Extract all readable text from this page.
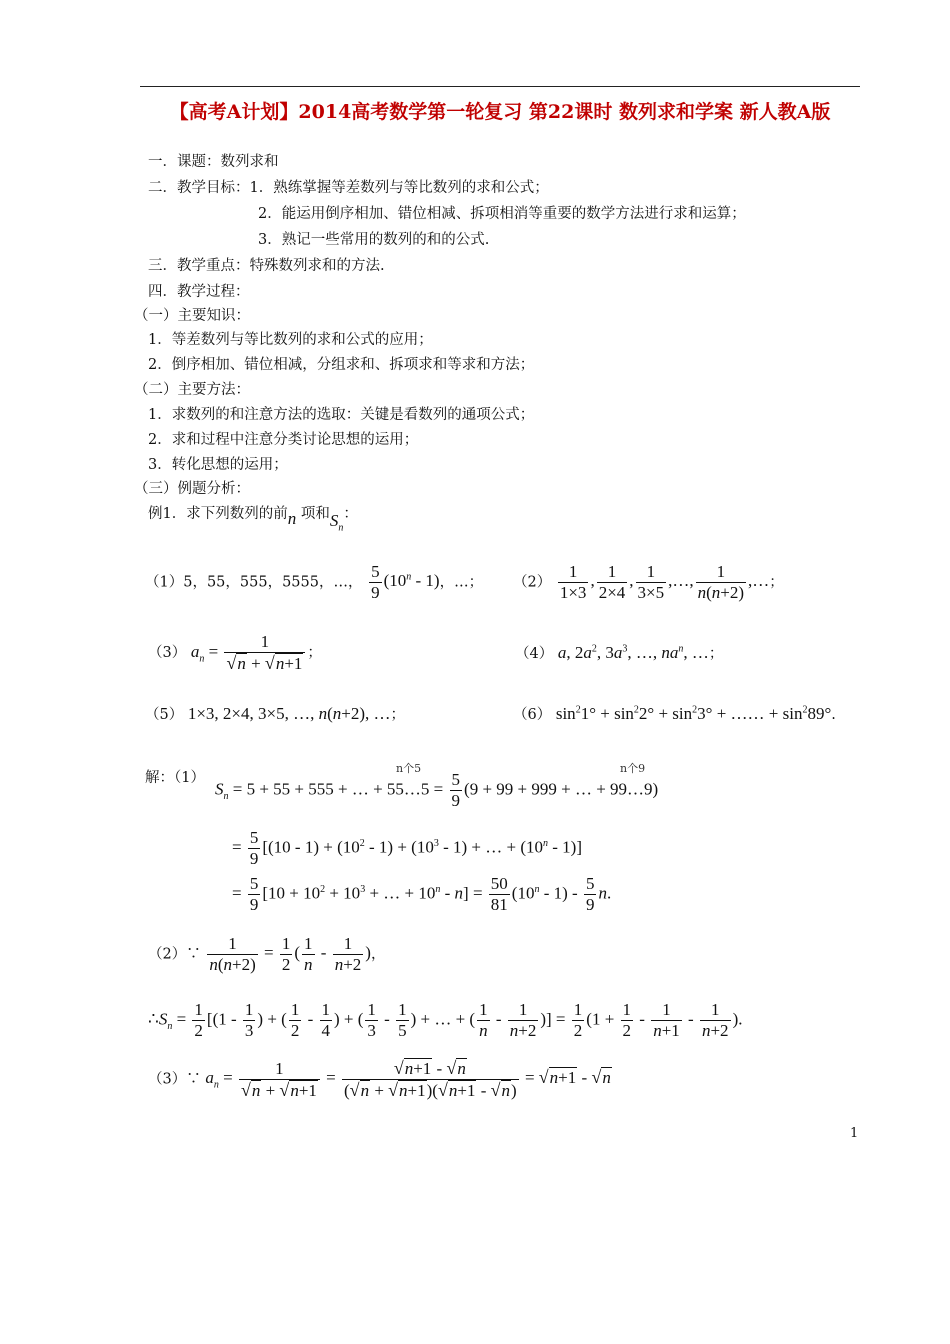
【高考A计划】2014高考数学第一轮复习 第22课时 数列求和学案 新人教A版
一．课题：数列求和
二．教学目标：1．熟练掌握等差数列与等比数列的求和公式；
2．能运用倒序相加、错位相减、拆项相消等重要的数学方法进行求和运算；
3．熟记一些常用的数列的和的公式.
三．教学重点：特殊数列求和的方法.
四．教学过程：
（一）主要知识：
1．等差数列与等比数列的求和公式的应用；
2．倒序相加、错位相减，分组求和、拆项求和等求和方法；
（二）主要方法：
1．求数列的和注意方法的选取：关键是看数列的通项公式；
2．求和过程中注意分类讨论思想的运用；
3．转化思想的运用；
（三）例题分析：
例1．求下列数列的前n 项和$S_n$：
（1）5，55，555，5555，…， $\frac{5}{9} (10^n - 1)$，…； $(2) \frac{1}{1\times 3}$ , $\frac{1}{2\times 4}$ , $\frac{1}{3\times 5}$ ,…, $\frac{1}{n(n+2)}$ ,…；
（3） $a_n = \frac{1}{√n + √n+1}$ ；	（4） a, $2a^2$, $3a^3$, …, $na^n$, …；
（5） 1×3, 2×4, 3×5, …, n(n+2), …；	（6） $\sin^21^\circ + \sin^22^\circ + \sin^23^\circ$ + …… + $\sin^289^\circ$.
解：（1）
n个5	n个9
$S_n = 5 + 55 + 555$ + … + 55…5 = $\frac{5}{9} (9 + 99 + 999$ + … + 99…9)
= $\frac{5}{9} [(10 - 1) + (10^2 - 1) + (10^3 - 1)$ + … + $(10^n - 1)$]
= $\frac{5}{9} [10 + 10^2 + 10^3$ + … + $10^n - n] = \frac{50}{81} (10^n - 1) - \frac{5}{9} n$.
（2）∵ $\frac{1}{n(n+2)} = \frac{1}{2}$ ( $\frac{1}{n} - \frac{1}{n+2}$ )，
$\therefore S_n = \frac{1}{2} [(1 - \frac{1}{3}$ ) + ( $\frac{1}{2} - \frac{1}{4}$ ) + ( $\frac{1}{3} - \frac{1}{5}$ ) + … + ( $\frac{1}{n} - \frac{1}{n+2}$ )] = $\frac{1}{2} (1 + \frac{1}{2} - \frac{1}{n+1} - \frac{1}{n+2}$ ).
（3）∵ $a_n = \frac{1}{√n + √n+1} = \frac{√n+1 - √n}{(√n + √n+1)(√n+1 - √n)} = √n+1 - √n$
1
